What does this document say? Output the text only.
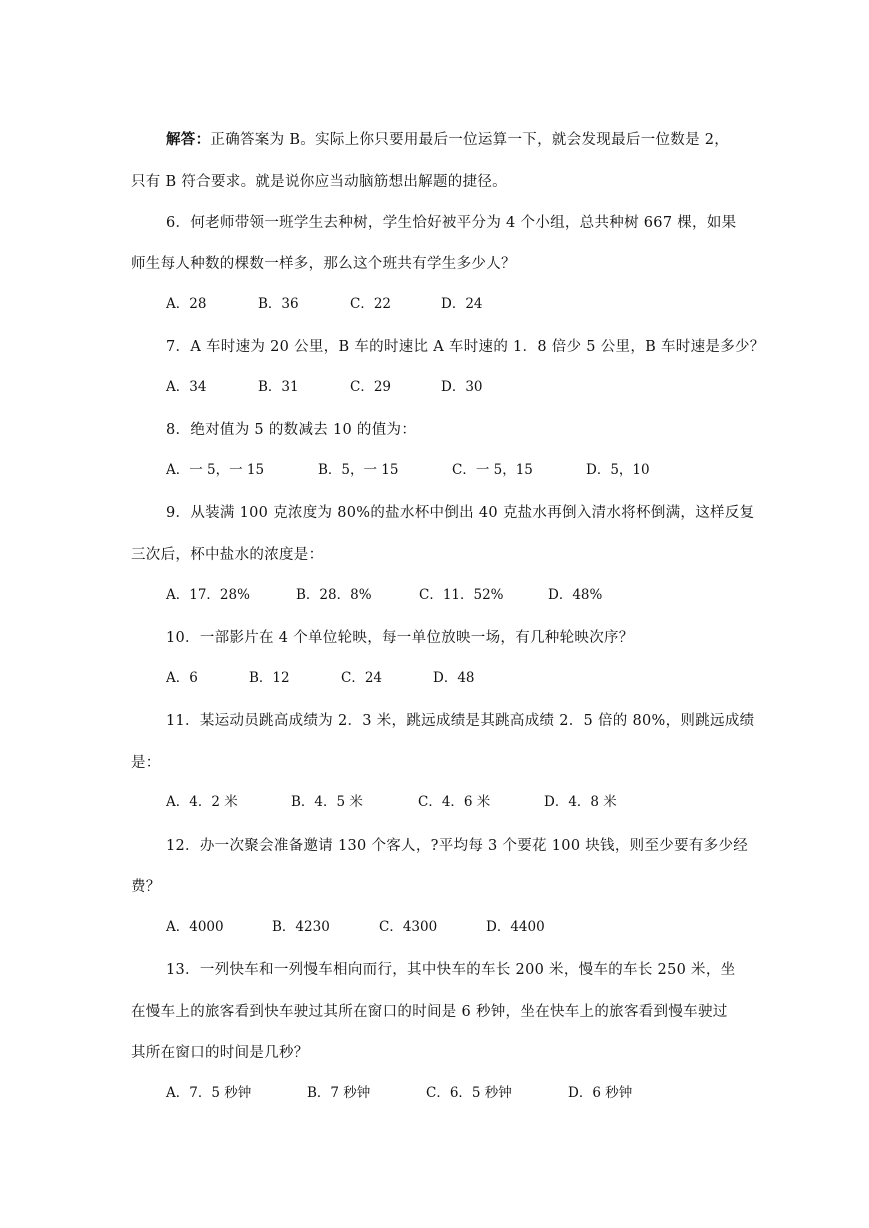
解答：正确答案为 B。实际上你只要用最后一位运算一下，就会发现最后一位数是 2，
只有 B 符合要求。就是说你应当动脑筋想出解题的捷径。
6．何老师带领一班学生去种树，学生恰好被平分为 4 个小组，总共种树 667 棵，如果
师生每人种数的棵数一样多，那么这个班共有学生多少人？
A．28	B．36	C．22	D．24
7．A 车时速为 20 公里，B 车的时速比 A 车时速的 1．8 倍少 5 公里，B 车时速是多少？
A．34	B．31	C．29	D．30
8．绝对值为 5 的数减去 10 的值为：
A．一 5，一 15	B．5，一 15	C．一 5，15	D．5，10
9．从装满 100 克浓度为 80%的盐水杯中倒出 40 克盐水再倒入清水将杯倒满，这样反复
三次后，杯中盐水的浓度是：
A．17．28%	B．28．8%	C．11．52%	D．48%
10．一部影片在 4 个单位轮映，每一单位放映一场，有几种轮映次序？
A．6	B．12	C．24	D．48
11．某运动员跳高成绩为 2．3 米，跳远成绩是其跳高成绩 2．5 倍的 80%，则跳远成绩
是：
A．4．2 米	B．4．5 米	C．4．6 米	D．4．8 米
12．办一次聚会准备邀请 130 个客人，?平均每 3 个要花 100 块钱，则至少要有多少经
费？
A．4000	B．4230	C．4300	D．4400
13．一列快车和一列慢车相向而行，其中快车的车长 200 米，慢车的车长 250 米，坐
在慢车上的旅客看到快车驶过其所在窗口的时间是 6 秒钟，坐在快车上的旅客看到慢车驶过
其所在窗口的时间是几秒？
A．7．5 秒钟	B．7 秒钟	C．6．5 秒钟	D．6 秒钟
